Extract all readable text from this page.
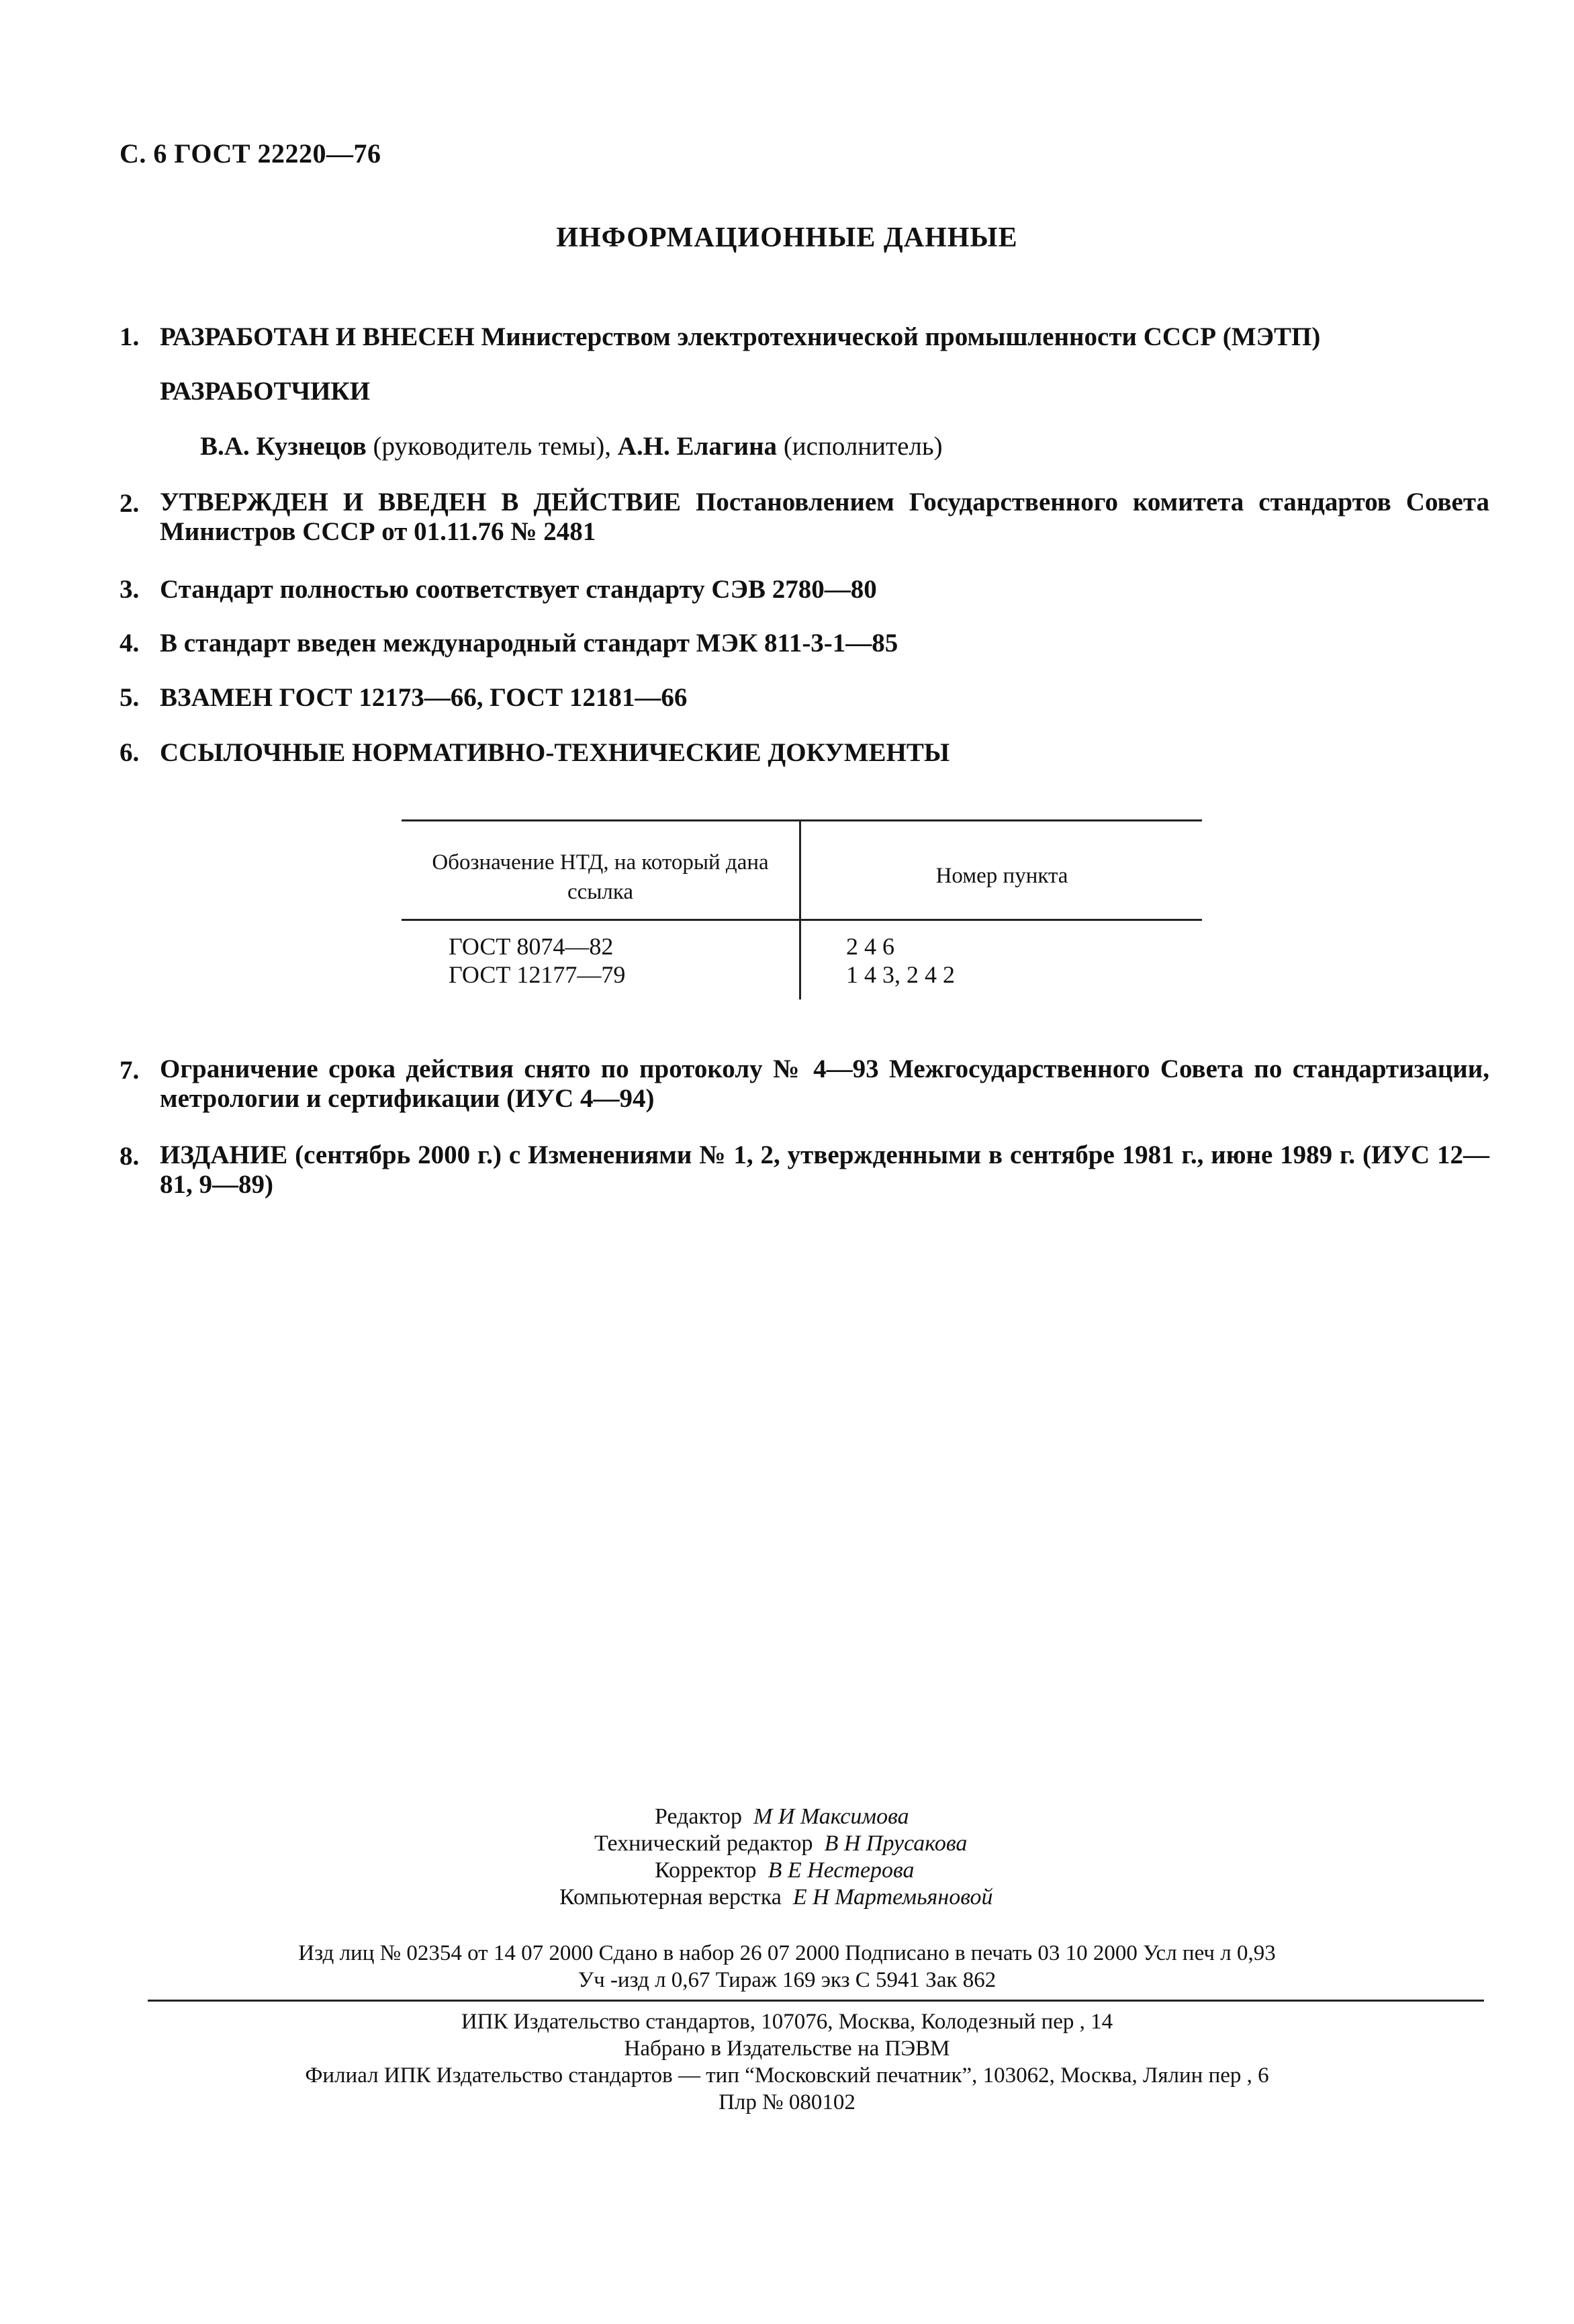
С. 6 ГОСТ 22220—76
ИНФОРМАЦИОННЫЕ ДАННЫЕ
1. РАЗРАБОТАН И ВНЕСЕН Министерством электротехнической промышленности СССР (МЭТП)
РАЗРАБОТЧИКИ
В.А. Кузнецов (руководитель темы), А.Н. Елагина (исполнитель)
2. УТВЕРЖДЕН И ВВЕДЕН В ДЕЙСТВИЕ Постановлением Государственного комитета стандартов Совета Министров СССР от 01.11.76 № 2481
3. Стандарт полностью соответствует стандарту СЭВ 2780—80
4. В стандарт введен международный стандарт МЭК 811-3-1—85
5. ВЗАМЕН ГОСТ 12173—66, ГОСТ 12181—66
6. ССЫЛОЧНЫЕ НОРМАТИВНО-ТЕХНИЧЕСКИЕ ДОКУМЕНТЫ
Обозначение НТД, на который дана ссылка
Номер пункта
ГОСТ 8074—82	2 4 6
ГОСТ 12177—79	1 4 3, 2 4 2
7. Ограничение срока действия снято по протоколу № 4—93 Межгосударственного Совета по стандартизации, метрологии и сертификации (ИУС 4—94)
8. ИЗДАНИЕ (сентябрь 2000 г.) с Изменениями № 1, 2, утвержденными в сентябре 1981 г., июне 1989 г. (ИУС 12—81, 9—89)
Редактор М И Максимова
Технический редактор В Н Прусакова
Корректор В Е Нестерова
Компьютерная верстка Е Н Мартемьяновой
Изд лиц № 02354 от 14 07 2000 Сдано в набор 26 07 2000 Подписано в печать 03 10 2000 Усл печ л 0,93
Уч -изд л 0,67 Тираж 169 экз С 5941 Зак 862
ИПК Издательство стандартов, 107076, Москва, Колодезный пер , 14
Набрано в Издательстве на ПЭВМ
Филиал ИПК Издательство стандартов — тип “Московский печатник”, 103062, Москва, Лялин пер , 6
Плр № 080102
